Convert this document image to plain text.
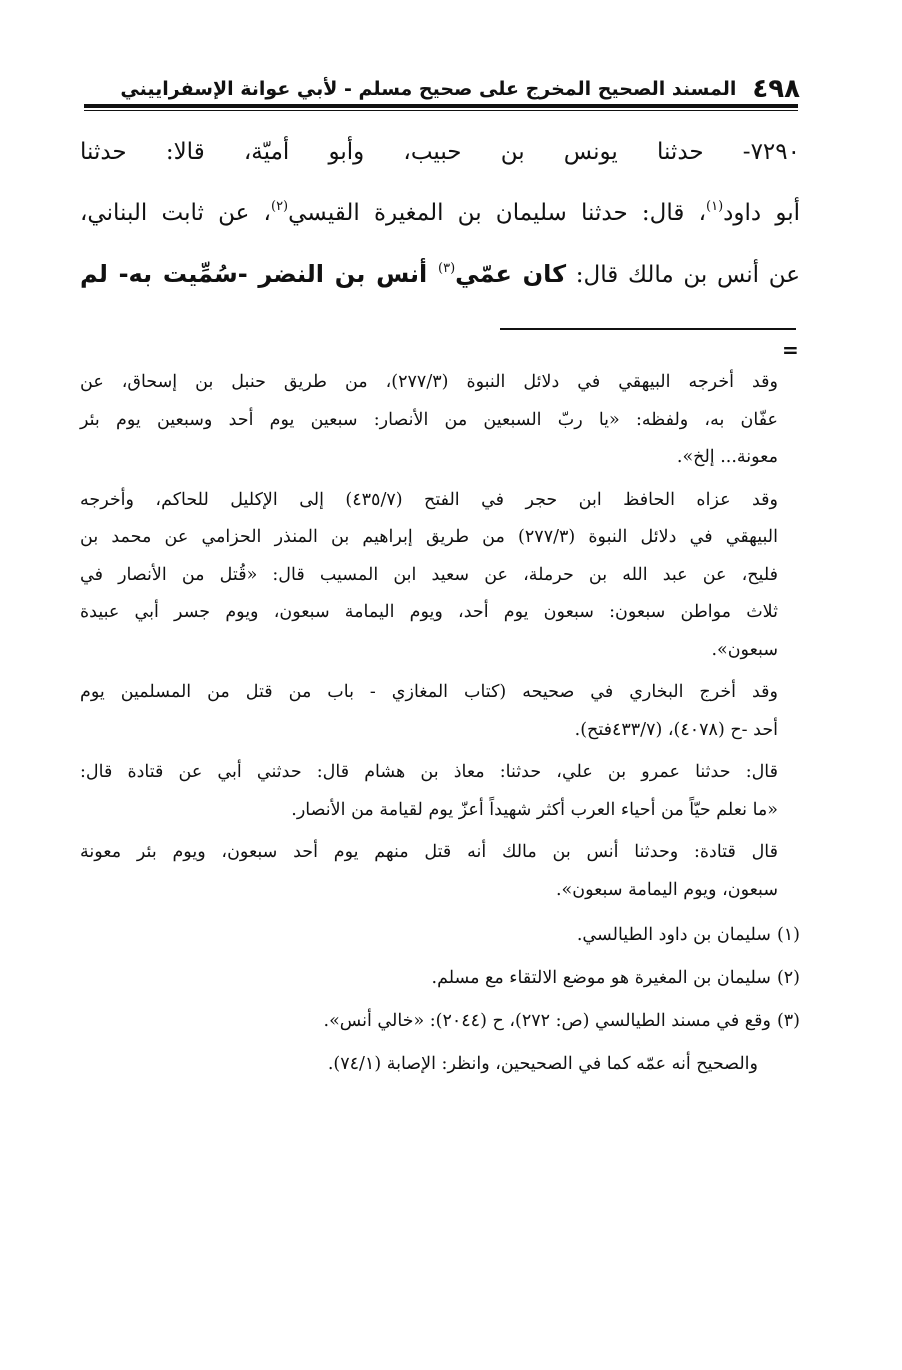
٤٩٨
المسند الصحيح المخرج على صحيح مسلم - لأبي عوانة الإسفراييني
٧٢٩٠- حدثنا يونس بن حبيب، وأبو أميّة، قالا: حدثنا
أبو داود$^{(١)}$، قال: حدثنا سليمان بن المغيرة القيسي$^{(٢)}$، عن ثابت البناني،
عن أنس بن مالك قال: كان عمّي$^{(٣)}$ أنس بن النضر -سُمِّيت به- لم
=
وقد أخرجه البيهقي في دلائل النبوة (٢٧٧/٣)، من طريق حنبل بن إسحاق، عن
عفّان به، ولفظه: «يا ربّ السبعين من الأنصار: سبعين يوم أحد وسبعين يوم بئر
معونة... إلخ».
وقد عزاه الحافظ ابن حجر في الفتح (٤٣٥/٧) إلى الإكليل للحاكم، وأخرجه
البيهقي في دلائل النبوة (٢٧٧/٣) من طريق إبراهيم بن المنذر الحزامي عن محمد بن
فليح، عن عبد الله بن حرملة، عن سعيد ابن المسيب قال: «قُتل من الأنصار في
ثلاث مواطن سبعون: سبعون يوم أحد، ويوم اليمامة سبعون، ويوم جسر أبي عبيدة
سبعون».
وقد أخرج البخاري في صحيحه (كتاب المغازي - باب من قتل من المسلمين يوم
أحد -ح (٤٠٧٨)، (٤٣٣/٧فتح).
قال: حدثنا عمرو بن علي، حدثنا: معاذ بن هشام قال: حدثني أبي عن قتادة قال:
«ما نعلم حيّاً من أحياء العرب أكثر شهيداً أعزّ يوم لقيامة من الأنصار.
قال قتادة: وحدثنا أنس بن مالك أنه قتل منهم يوم أحد سبعون، ويوم بئر معونة
سبعون، ويوم اليمامة سبعون».
(١)
سليمان بن داود الطيالسي.
(٢)
سليمان بن المغيرة هو موضع الالتقاء مع مسلم.
(٣)
وقع في مسند الطيالسي (ص: ٢٧٢)، ح (٢٠٤٤): «خالي أنس».
والصحيح أنه عمّه كما في الصحيحين، وانظر: الإصابة (٧٤/١).
